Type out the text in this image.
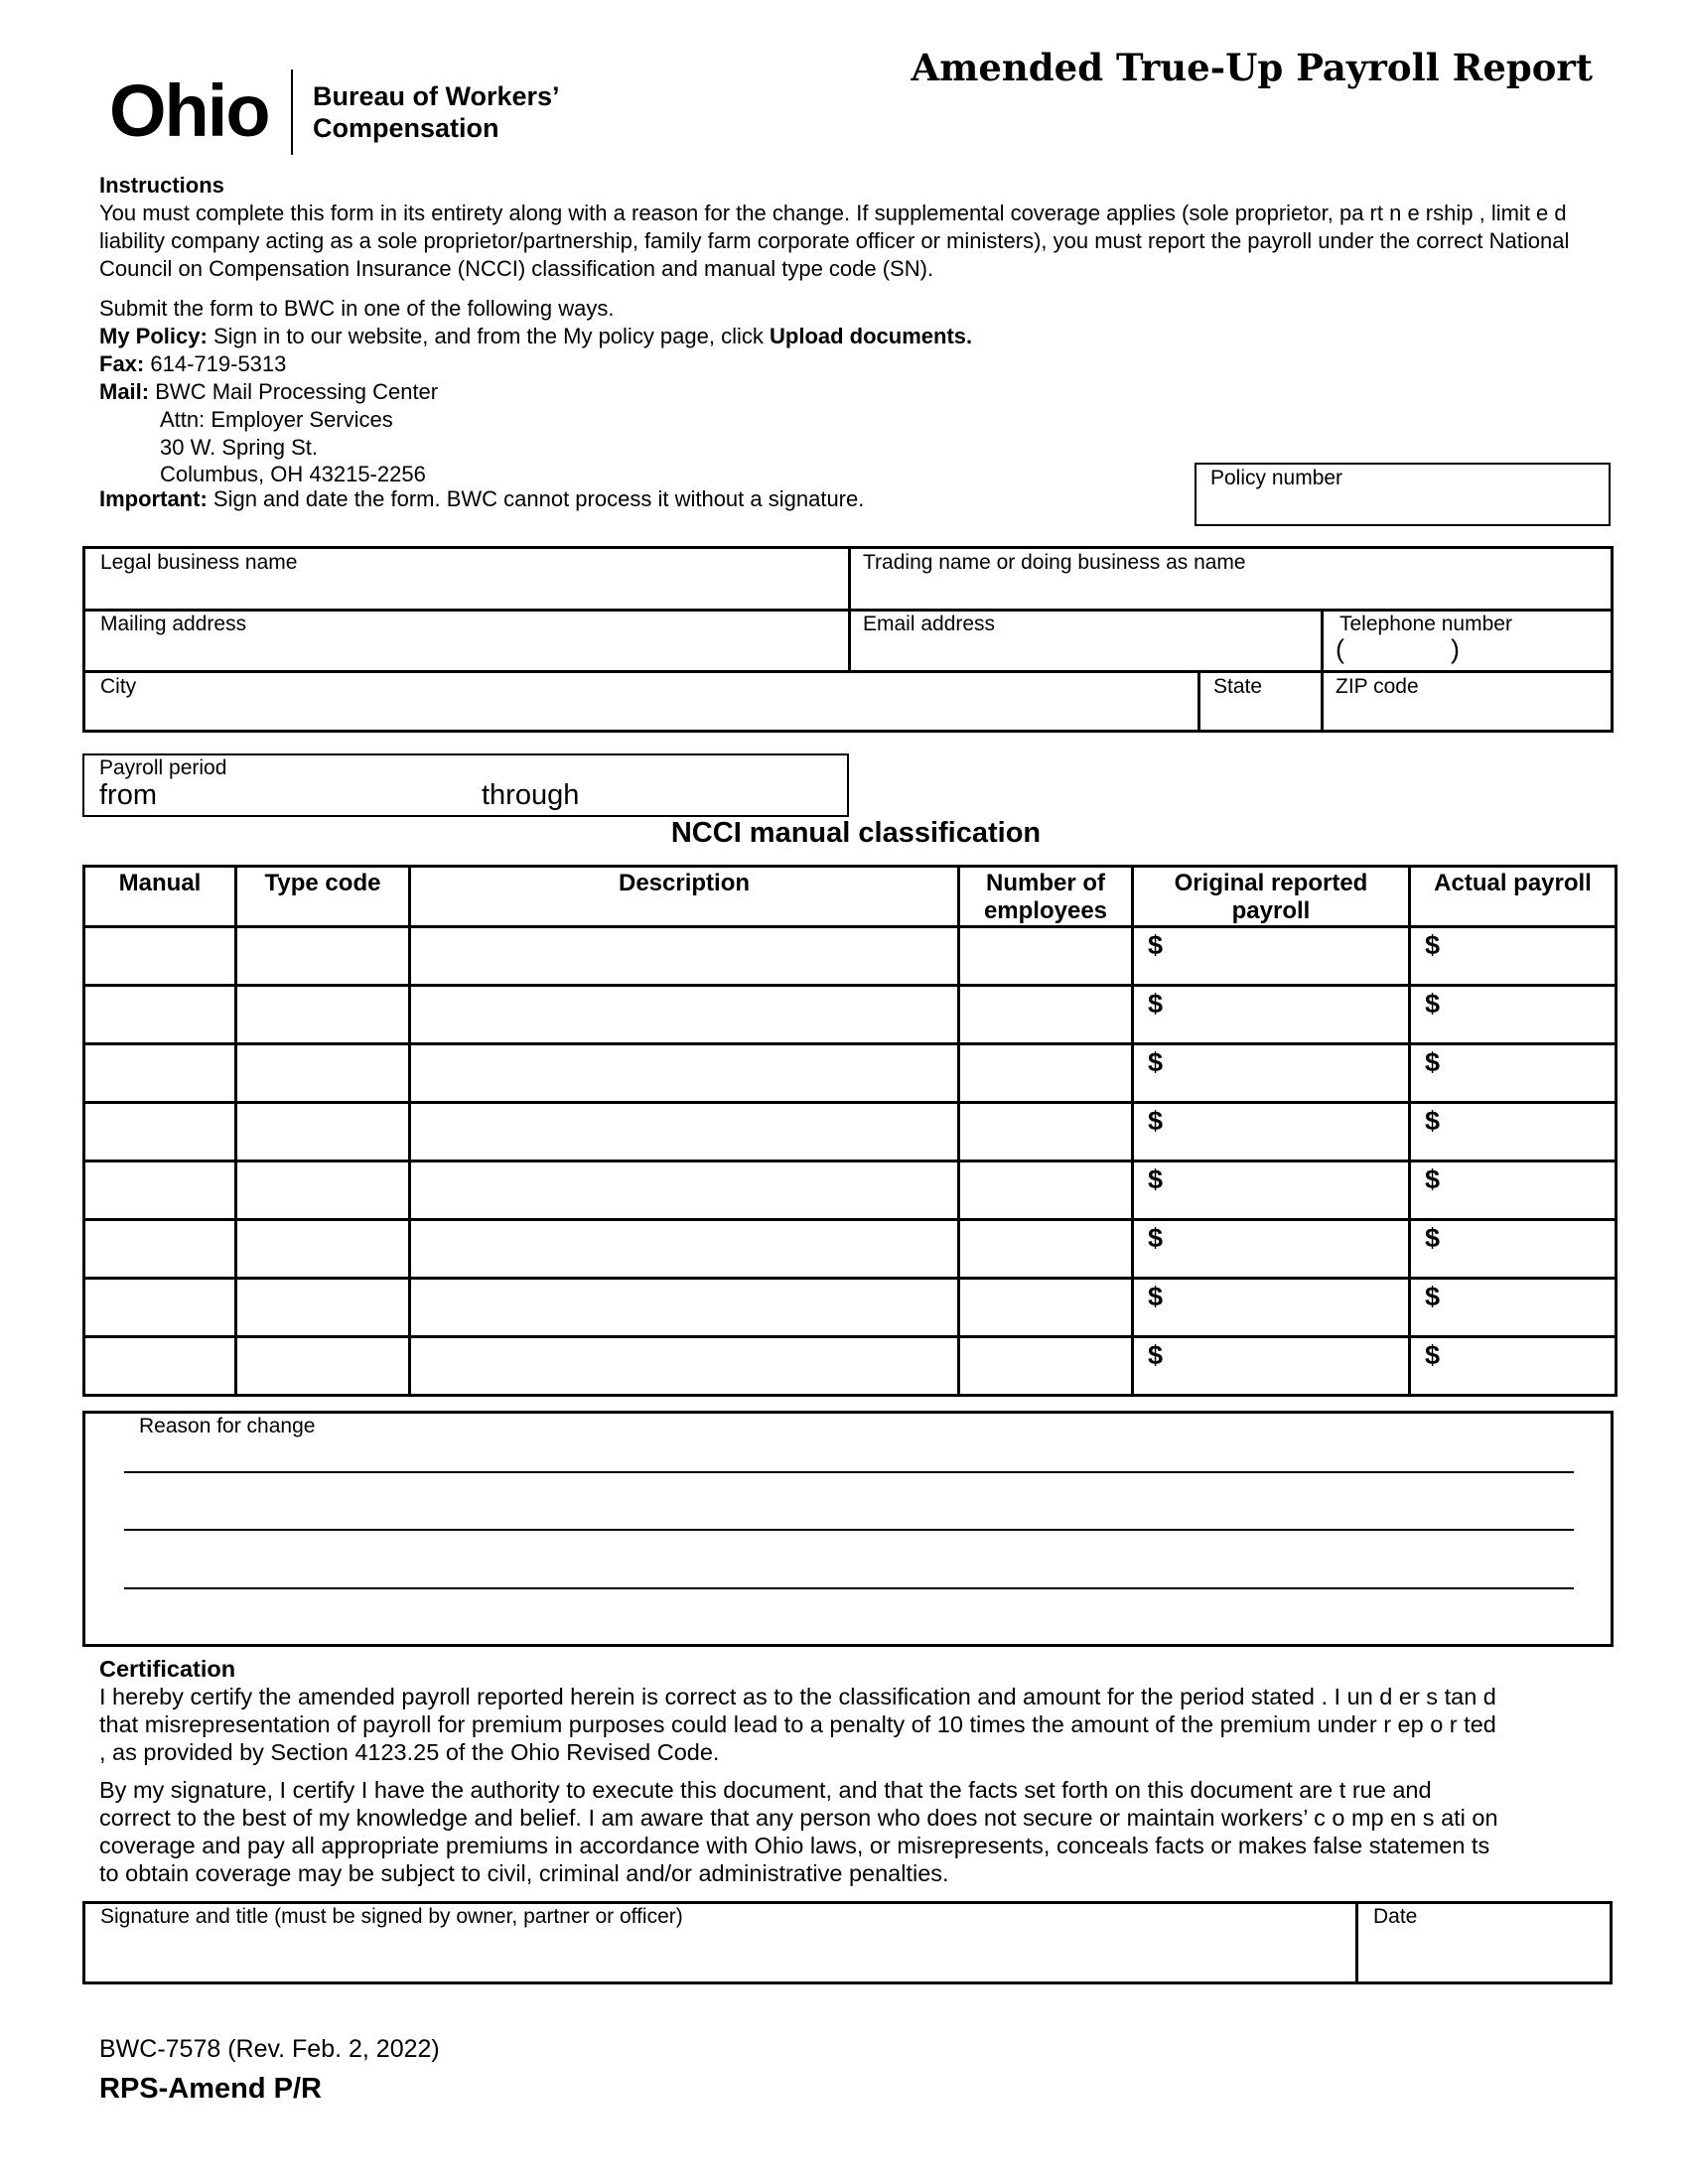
Ohio Bureau of Workers’
Compensation
Amended True-Up Payroll Report
Instructions
You must complete this form in its entirety along with a reason for the change. If supplemental coverage applies (sole proprietor, pa rt n e rship , limit e d
liability company acting as a sole proprietor/partnership, family farm corporate officer or ministers), you must report the payroll under the correct National
Council on Compensation Insurance (NCCI) classification and manual type code (SN).
Submit the form to BWC in one of the following ways.
My Policy: Sign in to our website, and from the My policy page, click Upload documents.
Fax: 614-719-5313
Mail: BWC Mail Processing Center
Attn: Employer Services
30 W. Spring St.
Columbus, OH 43215-2256
Important: Sign and date the form. BWC cannot process it without a signature.
Policy number
Legal business name	Trading name or doing business as name
Mailing address	Email address	Telephone number
(	)
City	State	ZIP code
Payroll period
from	through
NCCI manual classification
Manual	Type code	Description	Number of employees	Original reported payroll	Actual payroll

				$	$

				$	$

				$	$

				$	$

				$	$

				$	$

				$	$

				$	$
Reason for change
Certification
I hereby certify the amended payroll reported herein is correct as to the classification and amount for the period stated . I un d er s tan d
that misrepresentation of payroll for premium purposes could lead to a penalty of 10 times the amount of the premium under r ep o r ted
, as provided by Section 4123.25 of the Ohio Revised Code.
By my signature, I certify I have the authority to execute this document, and that the facts set forth on this document are t rue and
correct to the best of my knowledge and belief. I am aware that any person who does not secure or maintain workers’ c o mp en s ati on
coverage and pay all appropriate premiums in accordance with Ohio laws, or misrepresents, conceals facts or makes false statemen ts
to obtain coverage may be subject to civil, criminal and/or administrative penalties.
Signature and title (must be signed by owner, partner or officer)	Date
BWC-7578 (Rev. Feb. 2, 2022)
RPS-Amend P/R
